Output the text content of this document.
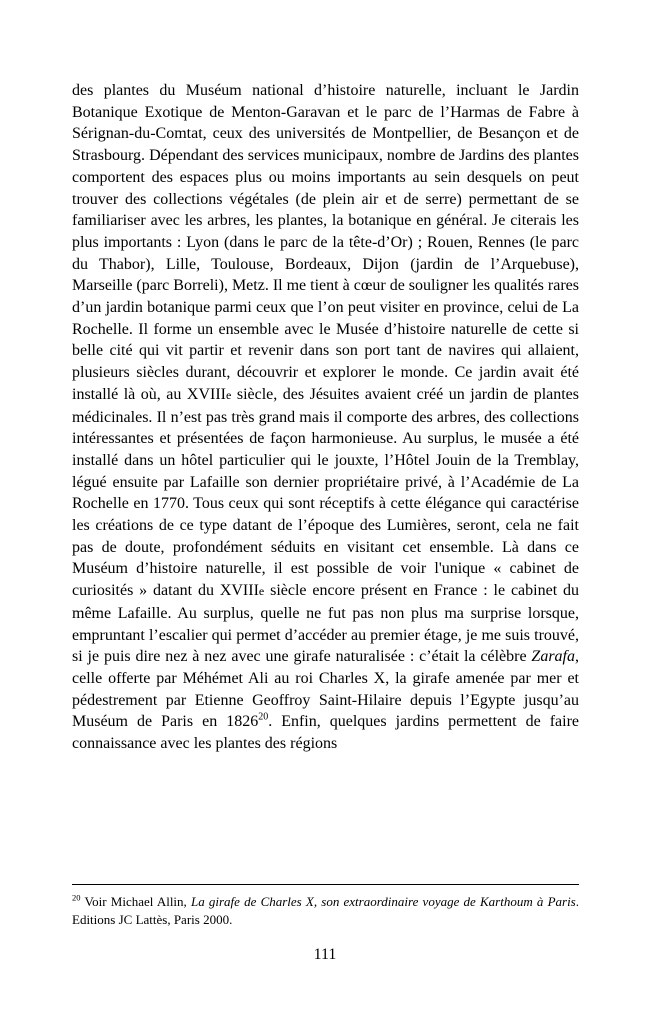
des plantes du Muséum national d’histoire naturelle, incluant le Jardin Botanique Exotique de Menton-Garavan et le parc de l’Harmas de Fabre à Sérignan-du-Comtat, ceux des universités de Montpellier, de Besançon et de Strasbourg. Dépendant des services municipaux, nombre de Jardins des plantes comportent des espaces plus ou moins importants au sein desquels on peut trouver des collections végétales (de plein air et de serre) permettant de se familiariser avec les arbres, les plantes, la botanique en général. Je citerais les plus importants : Lyon (dans le parc de la tête-d’Or) ; Rouen, Rennes (le parc du Thabor), Lille, Toulouse, Bordeaux, Dijon (jardin de l’Arquebuse), Marseille (parc Borreli), Metz. Il me tient à cœur de souligner les qualités rares d’un jardin botanique parmi ceux que l’on peut visiter en province, celui de La Rochelle. Il forme un ensemble avec le Musée d’histoire naturelle de cette si belle cité qui vit partir et revenir dans son port tant de navires qui allaient, plusieurs siècles durant, découvrir et explorer le monde. Ce jardin avait été installé là où, au XVIIIe siècle, des Jésuites avaient créé un jardin de plantes médicinales. Il n’est pas très grand mais il comporte des arbres, des collections intéressantes et présentées de façon harmonieuse. Au surplus, le musée a été installé dans un hôtel particulier qui le jouxte, l’Hôtel Jouin de la Tremblay, légué ensuite par Lafaille son dernier propriétaire privé, à l’Académie de La Rochelle en 1770. Tous ceux qui sont réceptifs à cette élégance qui caractérise les créations de ce type datant de l’époque des Lumières, seront, cela ne fait pas de doute, profondément séduits en visitant cet ensemble. Là dans ce Muséum d’histoire naturelle, il est possible de voir l'unique « cabinet de curiosités » datant du XVIIIe siècle encore présent en France : le cabinet du même Lafaille. Au surplus, quelle ne fut pas non plus ma surprise lorsque, empruntant l’escalier qui permet d’accéder au premier étage, je me suis trouvé, si je puis dire nez à nez avec une girafe naturalisée : c’était la célèbre Zarafa, celle offerte par Méhémet Ali au roi Charles X, la girafe amenée par mer et pédestrement par Etienne Geoffroy Saint-Hilaire depuis l’Egypte jusqu’au Muséum de Paris en 1826$^{20}$. Enfin, quelques jardins permettent de faire connaissance avec les plantes des régions

$^{20}$ Voir Michael Allin, La girafe de Charles X, son extraordinaire voyage de Karthoum à Paris. Editions JC Lattès, Paris 2000.

111
